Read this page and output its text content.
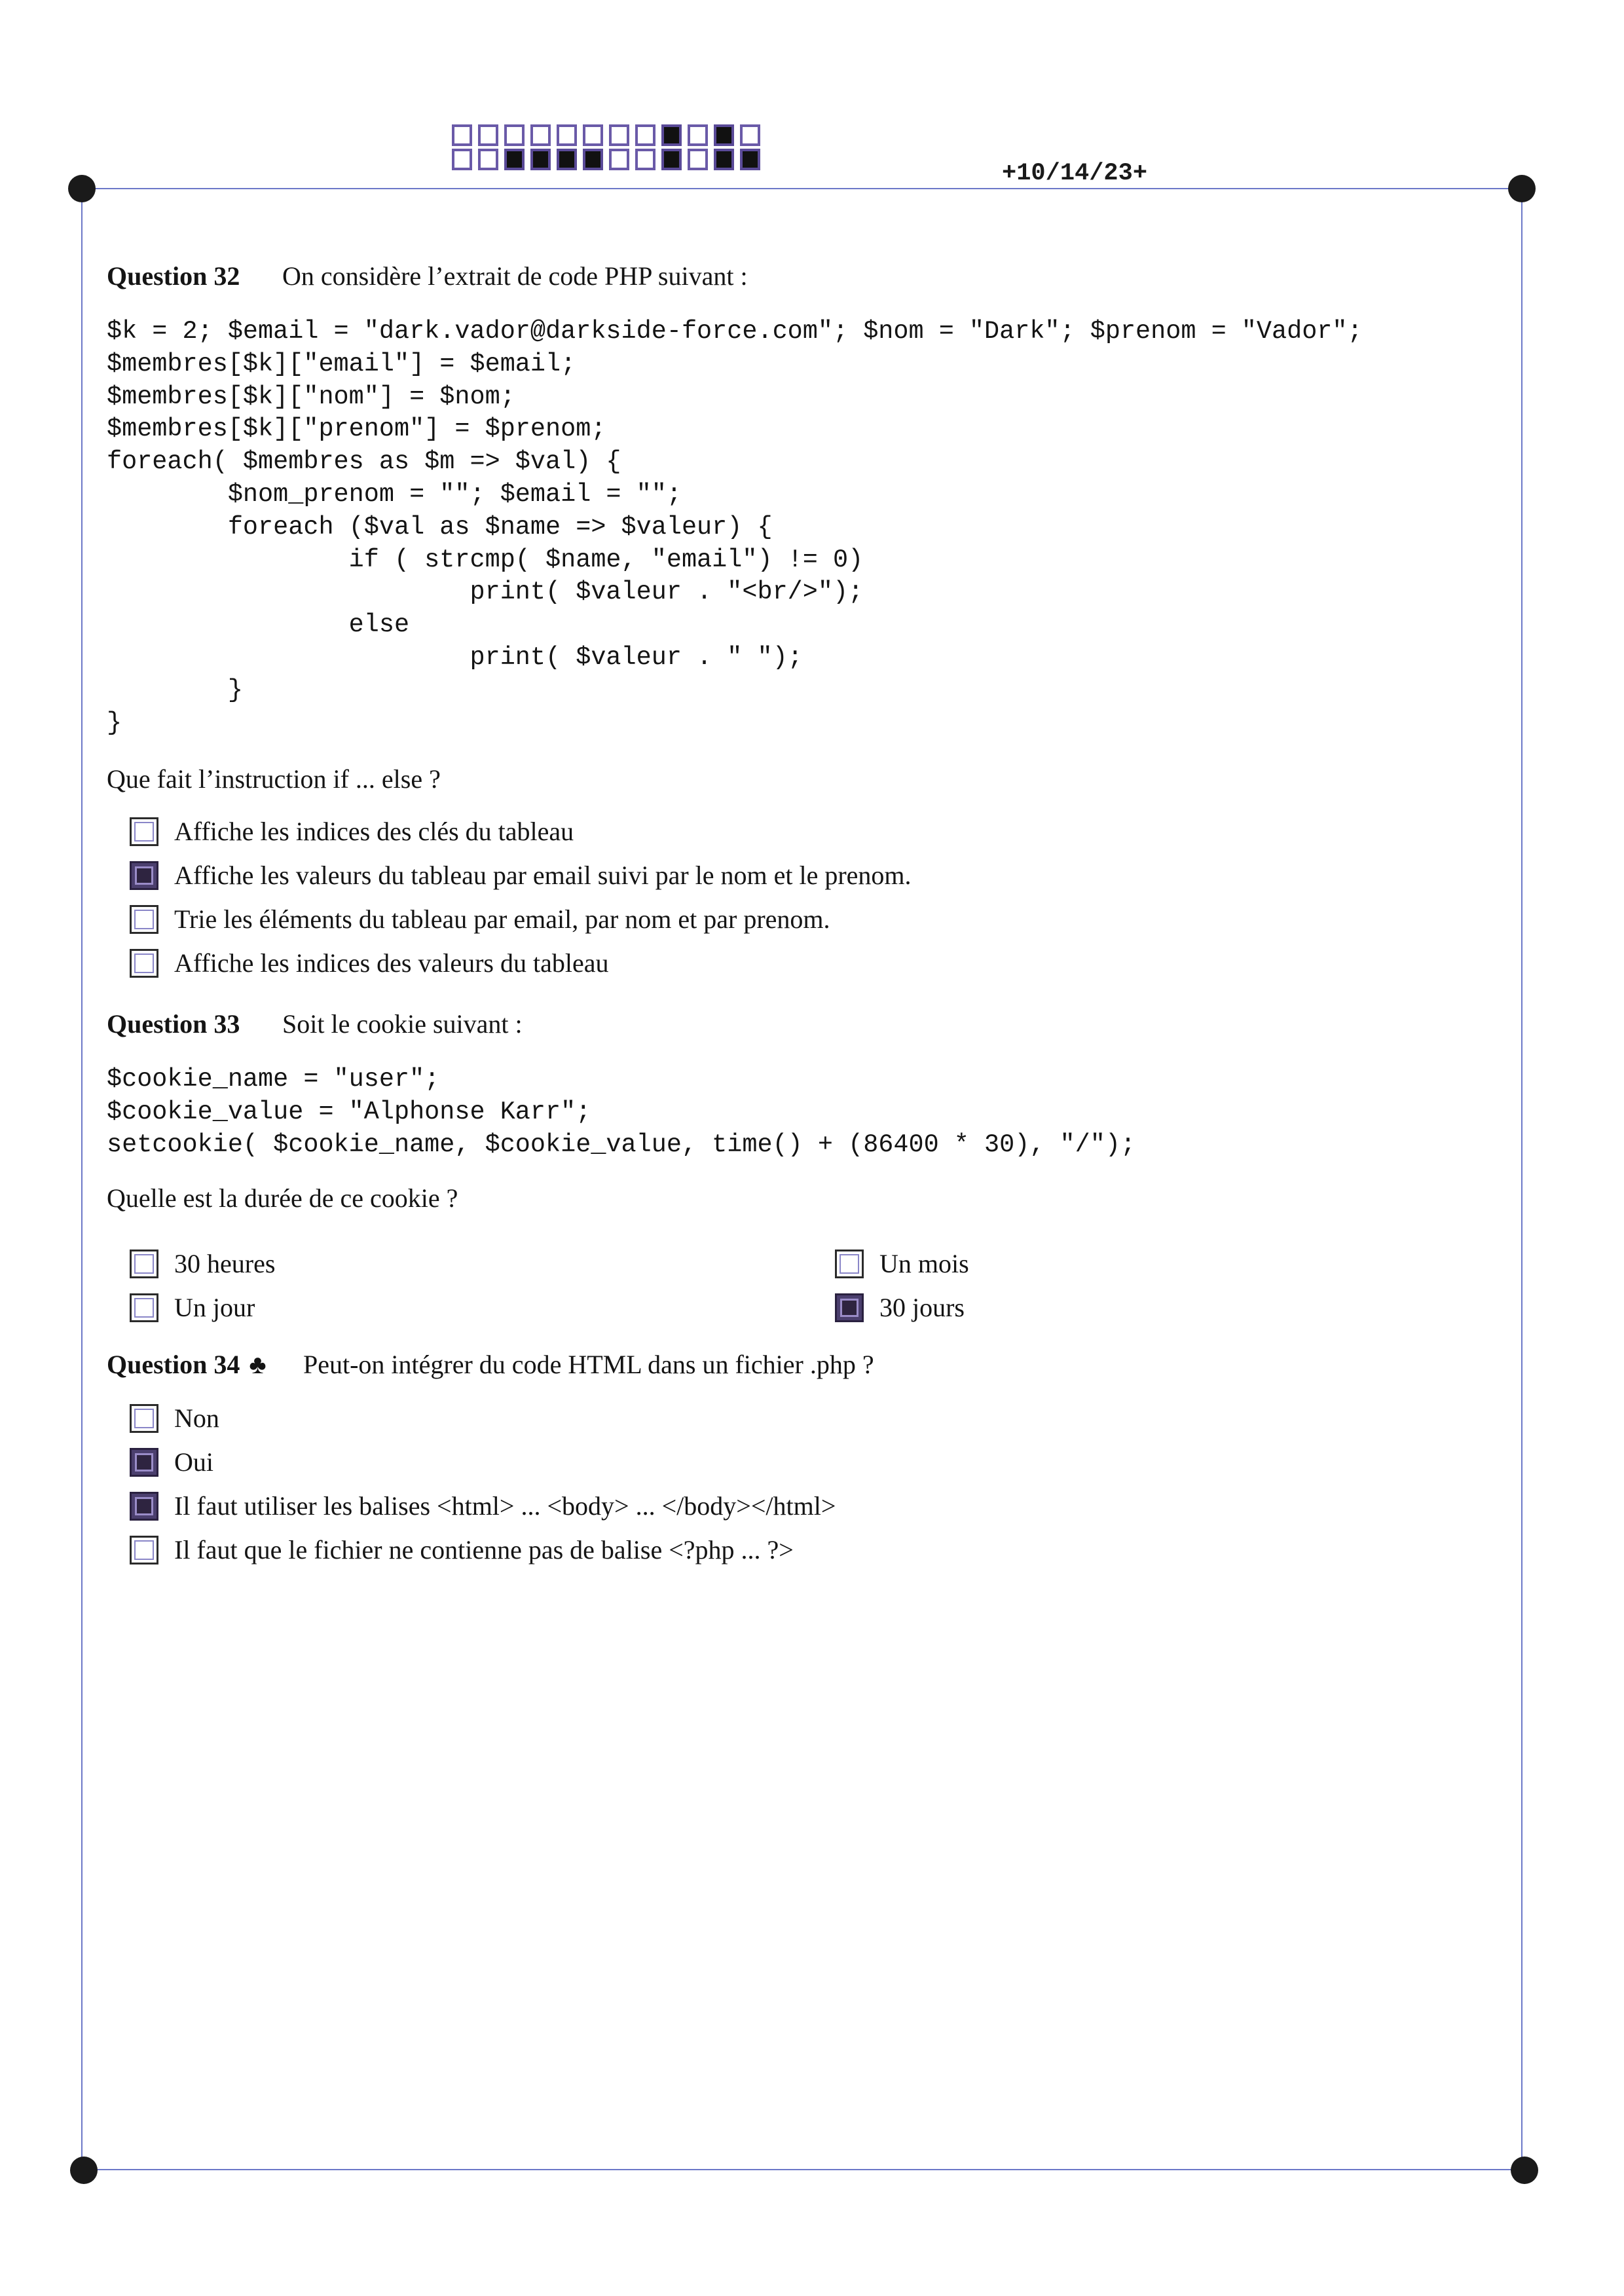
+10/14/23+
Question 32 On considère l’extrait de code PHP suivant :
$k = 2; $email = "dark.vador@darkside-force.com"; $nom = "Dark"; $prenom = "Vador";
$membres[$k]["email"] = $email;
$membres[$k]["nom"] = $nom;
$membres[$k]["prenom"] = $prenom;
foreach( $membres as $m => $val) {
$nom_prenom = ""; $email = "";
foreach ($val as $name => $valeur) {
if ( strcmp( $name, "email") != 0)
print( $valeur . "<br/>");
else
print( $valeur . " ");
}
}
Que fait l’instruction if ... else ?
Affiche les indices des clés du tableau
Affiche les valeurs du tableau par email suivi par le nom et le prenom.
Trie les éléments du tableau par email, par nom et par prenom.
Affiche les indices des valeurs du tableau
Question 33 Soit le cookie suivant :
$cookie_name = "user";
$cookie_value = "Alphonse Karr";
setcookie( $cookie_name, $cookie_value, time() + (86400 * 30), "/");
Quelle est la durée de ce cookie ?
30 heures
Un jour
Un mois
30 jours
Question 34 ♣ Peut-on intégrer du code HTML dans un fichier .php ?
Non
Oui
Il faut utiliser les balises <html> ... <body> ... </body></html>
Il faut que le fichier ne contienne pas de balise <?php ... ?>
